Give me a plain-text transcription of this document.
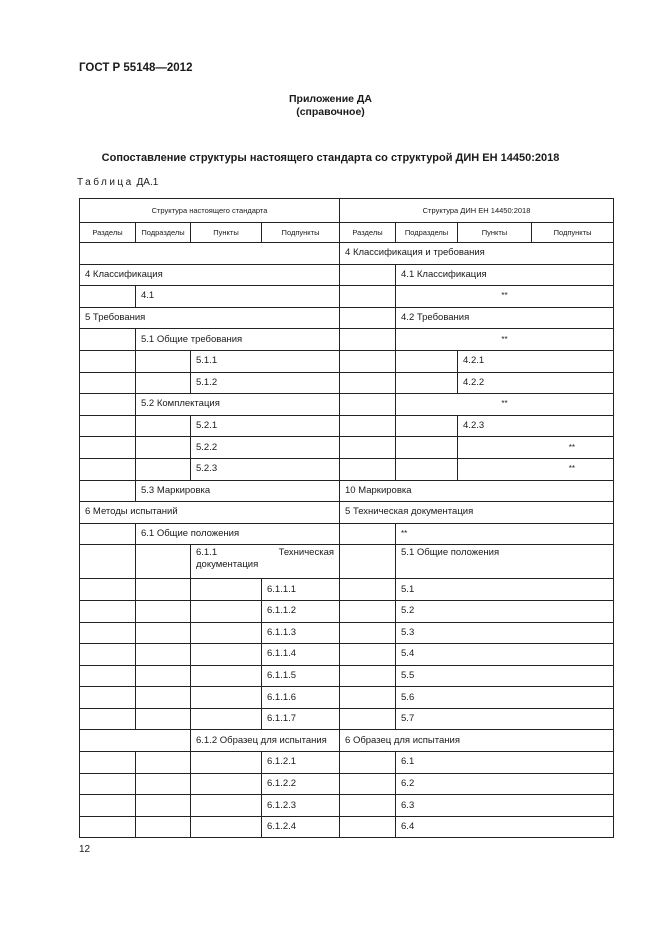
ГОСТ Р 55148—2012
Приложение ДА
(справочное)
Сопоставление структуры настоящего стандарта со структурой ДИН ЕН 14450:2018
Таблица ДА.1
Структура настоящего стандарта				Структура ДИН ЕН 14450:2018			
Разделы	Подразделы	Пункты	Подпункты	Разделы	Подразделы	Пункты	Подпункты
				4 Классификация и требования			
4 Классификация					4.1 Классификация		
	4.1				**		
5 Требования					4.2 Требования		
	5.1 Общие требования				**		
		5.1.1				4.2.1	
		5.1.2				4.2.2	
	5.2 Комплектация				**		
		5.2.1				4.2.3	
		5.2.2				**	
		5.2.3				**	
	5.3 Маркировка			10 Маркировка			
6 Методы испытаний				5 Техническая документация			
	6.1 Общие положения				**		
		6.1.1 Техническая документация			5.1 Общие положения		
			6.1.1.1		5.1		
			6.1.1.2		5.2		
			6.1.1.3		5.3		
			6.1.1.4		5.4		
			6.1.1.5		5.5		
			6.1.1.6		5.6		
			6.1.1.7		5.7		
		6.1.2 Образец для испытания		6 Образец для испытания			
			6.1.2.1		6.1		
			6.1.2.2		6.2		
			6.1.2.3		6.3		
			6.1.2.4		6.4		
12
